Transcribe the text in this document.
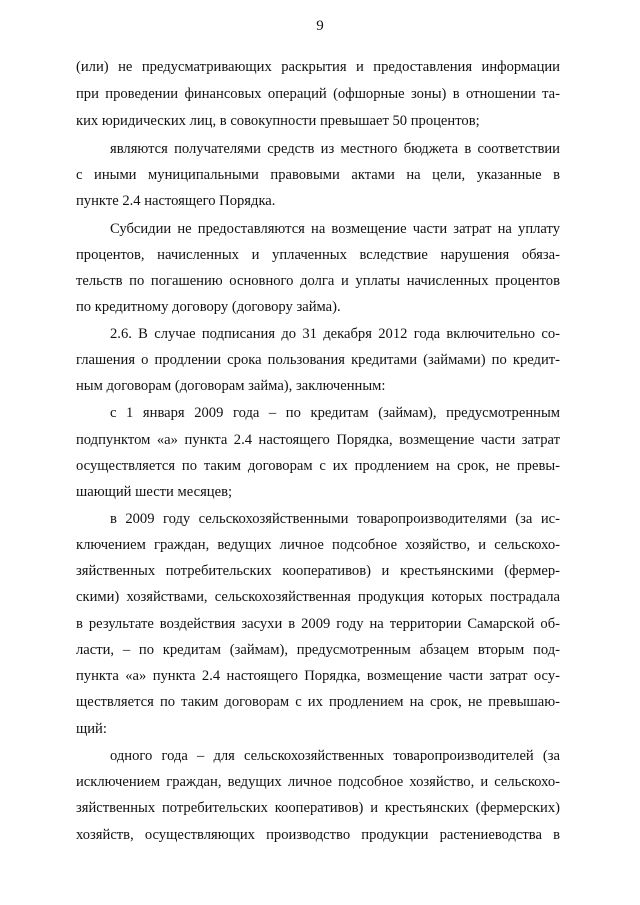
9
(или) не предусматривающих раскрытия и предоставления информации
при проведении финансовых операций (офшорные зоны) в отношении та-
ких юридических лиц, в совокупности превышает 50 процентов;
являются получателями средств из местного бюджета в соответствии
с иными муниципальными правовыми актами на цели, указанные в
пункте 2.4 настоящего Порядка.
Субсидии не предоставляются на возмещение части затрат на уплату
процентов, начисленных и уплаченных вследствие нарушения обяза-
тельств по погашению основного долга и уплаты начисленных процентов
по кредитному договору (договору займа).
2.6. В случае подписания до 31 декабря 2012 года включительно со-
глашения о продлении срока пользования кредитами (займами) по кредит-
ным договорам (договорам займа), заключенным:
с 1 января 2009 года – по кредитам (займам), предусмотренным
подпунктом «а» пункта 2.4 настоящего Порядка, возмещение части затрат
осуществляется по таким договорам с их продлением на срок, не превы-
шающий шести месяцев;
в 2009 году сельскохозяйственными товаропроизводителями (за ис-
ключением граждан, ведущих личное подсобное хозяйство, и сельскохо-
зяйственных потребительских кооперативов) и крестьянскими (фермер-
скими) хозяйствами, сельскохозяйственная продукция которых пострадала
в результате воздействия засухи в 2009 году на территории Самарской об-
ласти, – по кредитам (займам), предусмотренным абзацем вторым под-
пункта «а» пункта 2.4 настоящего Порядка, возмещение части затрат осу-
ществляется по таким договорам с их продлением на срок, не превышаю-
щий:
одного года – для сельскохозяйственных товаропроизводителей (за
исключением граждан, ведущих личное подсобное хозяйство, и сельскохо-
зяйственных потребительских кооперативов) и крестьянских (фермерских)
хозяйств, осуществляющих производство продукции растениеводства в
